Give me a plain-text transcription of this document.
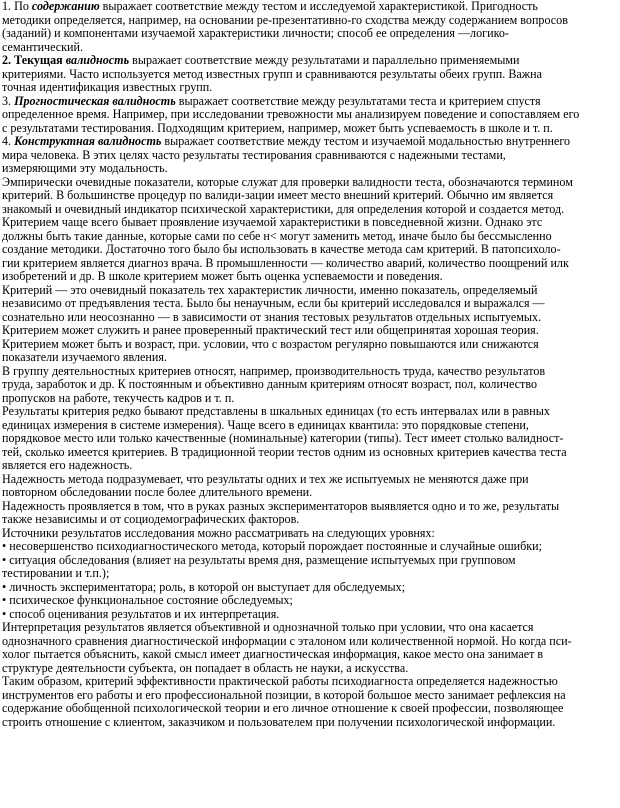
1. По содержанию выражает соответствие между тестом и исследуемой характеристикой. Пригодность

методики определяется, например, на основании ре-презентативно-го сходства между содержанием вопросов

(заданий) и компонентами изучаемой характеристики личности; способ ее определения —логико-

семантический.

2. Текущая валидность выражает соответствие между результатами и параллельно применяемыми

критериями. Часто используется метод известных групп и сравниваются результаты обеих групп. Важна

точная идентификация известных групп.

3. Прогностическая валидность выражает соответствие между результатами теста и критерием спустя

определенное время. Например, при исследовании тревожности мы анализируем поведение и сопоставляем его

с результатами тестирования. Подходящим критерием, например, может быть успеваемость в школе и т. п.

4. Конструктная валидность выражает соответствие между тестом и изучаемой модальностью внутреннего

мира человека. В этих целях часто результаты тестирования сравниваются с надежными тестами,

измеряющими эту модальность.

Эмпирически очевидные показатели, которые служат для проверки валидности теста, обозначаются термином

критерий. В большинстве процедур по валиди-зации имеет место внешний критерий. Обычно им является

знакомый и очевидный индикатор психической характеристики, для определения которой и создается метод.

Критерием чаще всего бывает проявление изучаемой характеристики в повседневной жизни. Однако этс

должны быть такие данные, которые сами по себе н< могут заменить метод, иначе было бы бессмысленно

создание методики. Достаточно того было бы использовать в качестве метода сам критерий. В патопсихоло-

гии критерием является диагноз врача. В промышленности — количество аварий, количество поощрений илк

изобретений и др. В школе критерием может быть оценка успеваемости и поведения.

Критерий — это очевидный показатель тех характеристик личности, именно показатель, определяемый

независимо от предъявления теста. Было бы ненаучным, если бы критерий исследовался и выражался —

сознательно или неосознанно — в зависимости от знания тестовых результатов отдельных испытуемых.

Критерием может служить и ранее проверенный практический тест или общепринятая хорошая теория.

Критерием может быть и возраст, при. условии, что с возрастом регулярно повышаются или снижаются

показатели изучаемого явления.

В группу деятельностных критериев относят, например, производительность труда, качество результатов

труда, заработок и др. К постоянным и объективно данным критериям относят возраст, пол, количество

пропусков на работе, текучесть кадров и т. п.

Результаты критерия редко бывают представлены в шкальных единицах (то есть интервалах или в равных

единицах измерения в системе измерения). Чаще всего в единицах квантила: это порядковые степени,

порядковое место или только качественные (номинальные) категории (типы). Тест имеет столько валидност-

тей, сколько имеется критериев. В традиционной теории тестов одним из основных критериев качества теста

является его надежность.

Надежность метода подразумевает, что результаты одних и тех же испытуемых не меняются даже при

повторном обследовании после более длительного времени.

Надежность проявляется в том, что в руках разных экспериментаторов выявляется одно и то же, результаты

также независимы и от социодемографических факторов.

Источники результатов исследования можно рассматривать на следующих уровнях:

• несовершенство психодиагностического метода, который порождает постоянные и случайные ошибки;

• ситуация обследования (влияет на результаты время дня, размещение испытуемых при групповом

тестировании и т.п.);

• личность экспериментатора; роль, в которой он выступает для обследуемых;

• психическое функциональное состояние обследуемых;

• способ оценивания результатов и их интерпретация.

Интерпретация результатов является объективной и однозначной только при условии, что она касается

однозначного сравнения диагностической информации с эталоном или количественной нормой. Но когда пси-

холог пытается объяснить, какой смысл имеет диагностическая информация, какое место она занимает в

структуре деятельности субъекта, он попадает в область не науки, а искусства.

Таким образом, критерий эффективности практической работы психодиагноста определяется надежностью

инструментов его работы и его профессиональной позиции, в которой большое место занимает рефлексия на

содержание обобщенной психологической теории и его личное отношение к своей профессии, позволяющее

строить отношение с клиентом, заказчиком и пользователем при получении психологической информации.
